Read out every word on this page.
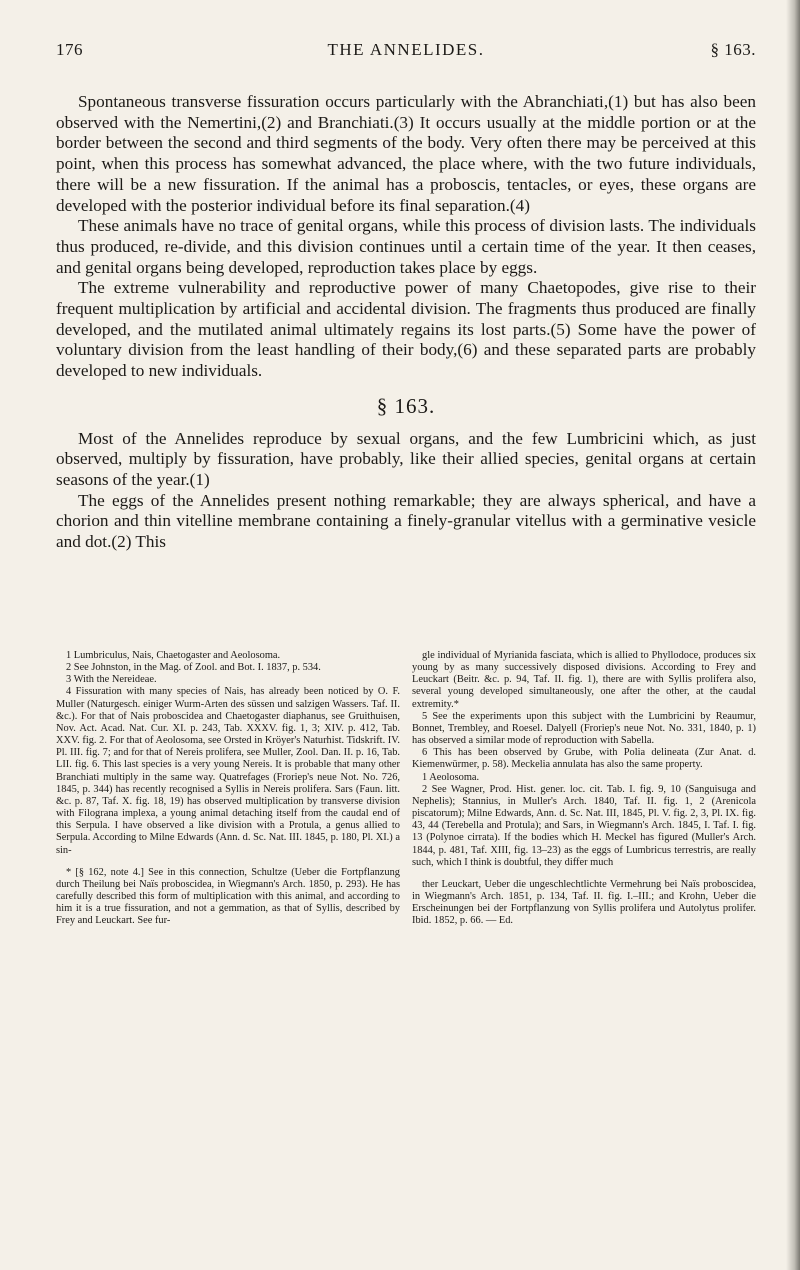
176	THE ANNELIDES.	§ 163.

Spontaneous transverse fissuration occurs particularly with the Abranchiati,(1) but has also been observed with the Nemertini,(2) and Branchiati.(3) It occurs usually at the middle portion or at the border between the second and third segments of the body. Very often there may be perceived at this point, when this process has somewhat advanced, the place where, with the two future individuals, there will be a new fissuration. If the animal has a proboscis, tentacles, or eyes, these organs are developed with the posterior individual before its final separation.(4)

These animals have no trace of genital organs, while this process of division lasts. The individuals thus produced, re-divide, and this division continues until a certain time of the year. It then ceases, and genital organs being developed, reproduction takes place by eggs.

The extreme vulnerability and reproductive power of many Chaetopodes, give rise to their frequent multiplication by artificial and accidental division. The fragments thus produced are finally developed, and the mutilated animal ultimately regains its lost parts.(5) Some have the power of voluntary division from the least handling of their body,(6) and these separated parts are probably developed to new individuals.

§ 163.

Most of the Annelides reproduce by sexual organs, and the few Lumbricini which, as just observed, multiply by fissuration, have probably, like their allied species, genital organs at certain seasons of the year.(1)

The eggs of the Annelides present nothing remarkable; they are always spherical, and have a chorion and thin vitelline membrane containing a finely-granular vitellus with a germinative vesicle and dot.(2) This

1 Lumbriculus, Nais, Chaetogaster and Aeolosoma.

2 See Johnston, in the Mag. of Zool. and Bot. I. 1837, p. 534.

3 With the Nereideae.

4 Fissuration with many species of Nais, has already been noticed by O. F. Muller (Naturgesch. einiger Wurm-Arten des süssen und salzigen Wassers. Taf. II. &c.). For that of Nais proboscidea and Chaetogaster diaphanus, see Gruithuisen, Nov. Act. Acad. Nat. Cur. XI. p. 243, Tab. XXXV. fig. 1, 3; XIV. p. 412, Tab. XXV. fig. 2. For that of Aeolosoma, see Orsted in Kröyer's Naturhist. Tidskrift. IV. Pl. III. fig. 7; and for that of Nereis prolifera, see Muller, Zool. Dan. II. p. 16, Tab. LII. fig. 6. This last species is a very young Nereis. It is probable that many other Branchiati multiply in the same way. Quatrefages (Froriep's neue Not. No. 726, 1845, p. 344) has recently recognised a Syllis in Nereis prolifera. Sars (Faun. litt. &c. p. 87, Taf. X. fig. 18, 19) has observed multiplication by transverse division with Filograna implexa, a young animal detaching itself from the caudal end of this Serpula. I have observed a like division with a Protula, a genus allied to Serpula. According to Milne Edwards (Ann. d. Sc. Nat. III. 1845, p. 180, Pl. XI.) a sin-

* [§ 162, note 4.] See in this connection, Schultze (Ueber die Fortpflanzung durch Theilung bei Naïs proboscidea, in Wiegmann's Arch. 1850, p. 293). He has carefully described this form of multiplication with this animal, and according to him it is a true fissuration, and not a gemmation, as that of Syllis, described by Frey and Leuckart. See fur-

gle individual of Myrianida fasciata, which is allied to Phyllodoce, produces six young by as many successively disposed divisions. According to Frey and Leuckart (Beitr. &c. p. 94, Taf. II. fig. 1), there are with Syllis prolifera also, several young developed simultaneously, one after the other, at the caudal extremity.*

5 See the experiments upon this subject with the Lumbricini by Reaumur, Bonnet, Trembley, and Roesel. Dalyell (Froriep's neue Not. No. 331, 1840, p. 1) has observed a similar mode of reproduction with Sabella.

6 This has been observed by Grube, with Polia delineata (Zur Anat. d. Kiemenwürmer, p. 58). Meckelia annulata has also the same property.

1 Aeolosoma.

2 See Wagner, Prod. Hist. gener. loc. cit. Tab. I. fig. 9, 10 (Sanguisuga and Nephelis); Stannius, in Muller's Arch. 1840, Taf. II. fig. 1, 2 (Arenicola piscatorum); Milne Edwards, Ann. d. Sc. Nat. III, 1845, Pl. V. fig. 2, 3, Pl. IX. fig. 43, 44 (Terebella and Protula); and Sars, in Wiegmann's Arch. 1845, I. Taf. I. fig. 13 (Polynoe cirrata). If the bodies which H. Meckel has figured (Muller's Arch. 1844, p. 481, Taf. XIII, fig. 13–23) as the eggs of Lumbricus terrestris, are really such, which I think is doubtful, they differ much

ther Leuckart, Ueber die ungeschlechtlichte Vermehrung bei Naïs proboscidea, in Wiegmann's Arch. 1851, p. 134, Taf. II. fig. I.–III.; and Krohn, Ueber die Erscheinungen bei der Fortpflanzung von Syllis prolifera und Autolytus prolifer. Ibid. 1852, p. 66. — Ed.
